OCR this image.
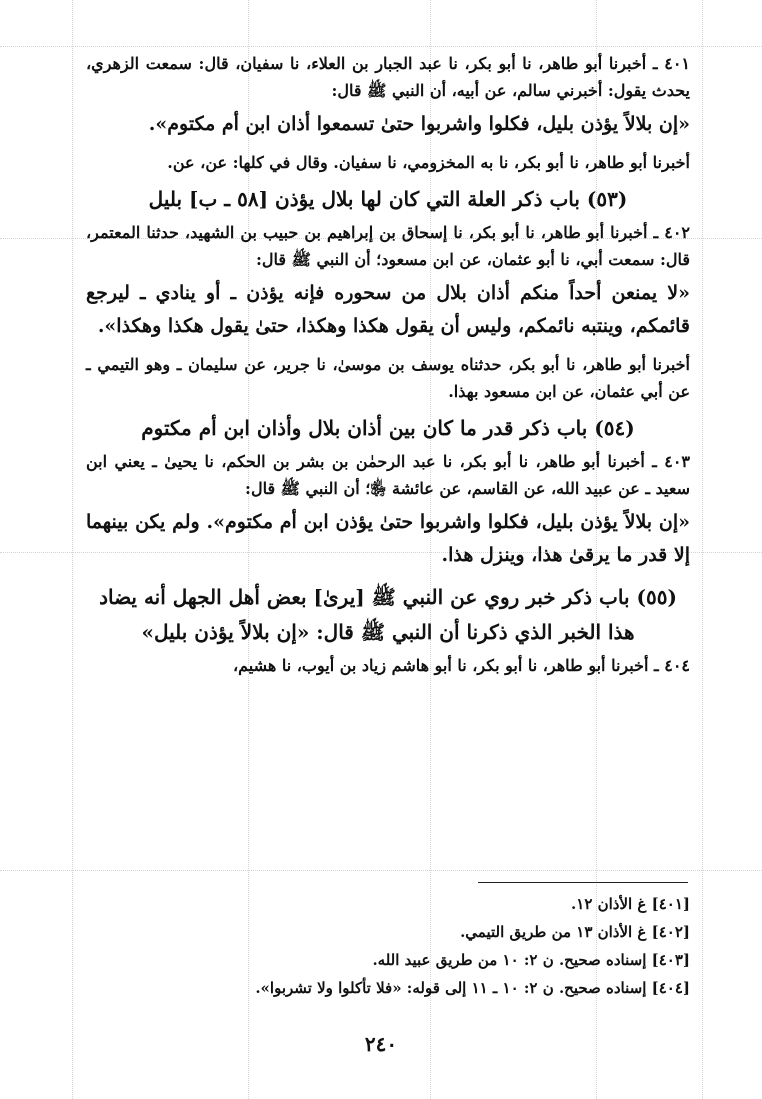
٤٠١ ـ أخبرنا أبو طاهر، نا أبو بكر، نا عبد الجبار بن العلاء، نا سفيان، قال: سمعت الزهري، يحدث يقول: أخبرني سالم، عن أبيه، أن النبي ﷺ قال:

«إن بلالاً يؤذن بليل، فكلوا واشربوا حتىٰ تسمعوا أذان ابن أم مكتوم».

أخبرنا أبو طاهر، نا أبو بكر، نا به المخزومي، نا سفيان. وقال في كلها: عن، عن.

(٥٣) باب ذكر العلة التي كان لها بلال يؤذن [٥٨ ـ ب] بليل

٤٠٢ ـ أخبرنا أبو طاهر، نا أبو بكر، نا إسحاق بن إبراهيم بن حبيب بن الشهيد، حدثنا المعتمر، قال: سمعت أبي، نا أبو عثمان، عن ابن مسعود؛ أن النبي ﷺ قال:

«لا يمنعن أحداً منكم أذان بلال من سحوره فإنه يؤذن ـ أو ينادي ـ ليرجع قائمكم، وينتبه نائمكم، وليس أن يقول هكذا وهكذا، حتىٰ يقول هكذا وهكذا».

أخبرنا أبو طاهر، نا أبو بكر، حدثناه يوسف بن موسىٰ، نا جرير، عن سليمان ـ وهو التيمي ـ عن أبي عثمان، عن ابن مسعود بهذا.

(٥٤) باب ذكر قدر ما كان بين أذان بلال وأذان ابن أم مكتوم

٤٠٣ ـ أخبرنا أبو طاهر، نا أبو بكر، نا عبد الرحمٰن بن بشر بن الحكم، نا يحيىٰ ـ يعني ابن سعيد ـ عن عبيد الله، عن القاسم، عن عائشة ﵂؛ أن النبي ﷺ قال:

«إن بلالاً يؤذن بليل، فكلوا واشربوا حتىٰ يؤذن ابن أم مكتوم». ولم يكن بينهما إلا قدر ما يرقىٰ هذا، وينزل هذا.

(٥٥) باب ذكر خبر روي عن النبي ﷺ [يرىٰ] بعض أهل الجهل أنه يضاد هذا الخبر الذي ذكرنا أن النبي ﷺ قال: «إن بلالاً يؤذن بليل»

٤٠٤ ـ أخبرنا أبو طاهر، نا أبو بكر، نا أبو هاشم زياد بن أيوب، نا هشيم،

[٤٠١] غ الأذان ١٢.

[٤٠٢] غ الأذان ١٣ من طريق التيمي.

[٤٠٣] إسناده صحيح. ن ٢: ١٠ من طريق عبيد الله.

[٤٠٤] إسناده صحيح. ن ٢: ١٠ ـ ١١ إلى قوله: «فلا تأكلوا ولا تشربوا».

٢٤٠
